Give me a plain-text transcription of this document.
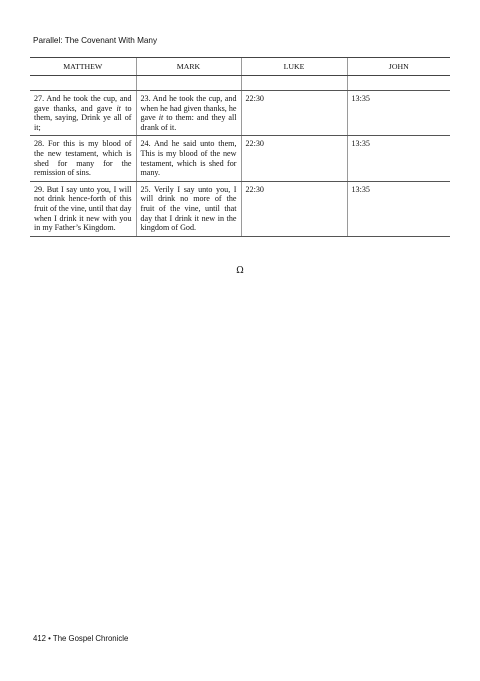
Parallel: The Covenant With Many
MATTHEW	MARK	LUKE	JOHN

27. And he took the cup, and gave thanks, and gave it to them, saying, Drink ye all of it;	23. And he took the cup, and when he had given thanks, he gave it to them: and they all drank of it.	22:30	13:35
28. For this is my blood of the new testament, which is shed for many for the remission of sins.	24. And he said unto them, This is my blood of the new testament, which is shed for many.	22:30	13:35
29. But I say unto you, I will not drink hence-forth of this fruit of the vine, until that day when I drink it new with you in my Father’s Kingdom.	25. Verily I say unto you, I will drink no more of the fruit of the vine, until that day that I drink it new in the kingdom of God.	22:30	13:35
Ω
412 • The Gospel Chronicle
